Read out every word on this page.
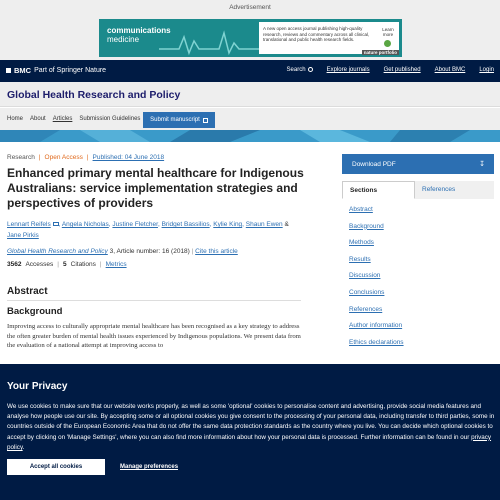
Advertisement
communications
medicine
A new open access journal publishing high-quality research, reviews and commentary across all clinical, translational and public health research fields.
Learn more
nature portfolio
BMC Part of Springer Nature	Search	Explore journals Get published About BMC Login
Global Health Research and Policy
Home About Articles Submission Guidelines Submit manuscript
Research | Open Access | Published: 04 June 2018
Enhanced primary mental healthcare for Indigenous Australians: service implementation strategies and perspectives of providers
Lennart Reifels , Angela Nicholas, Justine Fletcher, Bridget Bassilios, Kylie King, Shaun Ewen &
Jane Pirkis
Global Health Research and Policy 3, Article number: 16 (2018) | Cite this article
3562 Accesses | 5 Citations | Metrics
Abstract
Background

Improving access to culturally appropriate mental healthcare has been recognised as a key strategy to address the often greater burden of mental health issues experienced by Indigenous populations. We present data from the evaluation of a national attempt at improving access to

Download PDF	↧
Sections	References
Abstract
Background
Methods
Results
Discussion
Conclusions
References
Author information
Ethics declarations
Your Privacy

We use cookies to make sure that our website works properly, as well as some 'optional' cookies to personalise content and advertising, provide social media features and analyse how people use our site. By accepting some or all optional cookies you give consent to the processing of your personal data, including transfer to third parties, some in countries outside of the European Economic Area that do not offer the same data protection standards as the country where you live. You can decide which optional cookies to accept by clicking on 'Manage Settings', where you can also find more information about how your personal data is processed. Further information can be found in our privacy policy.

Accept all cookies	Manage preferences
